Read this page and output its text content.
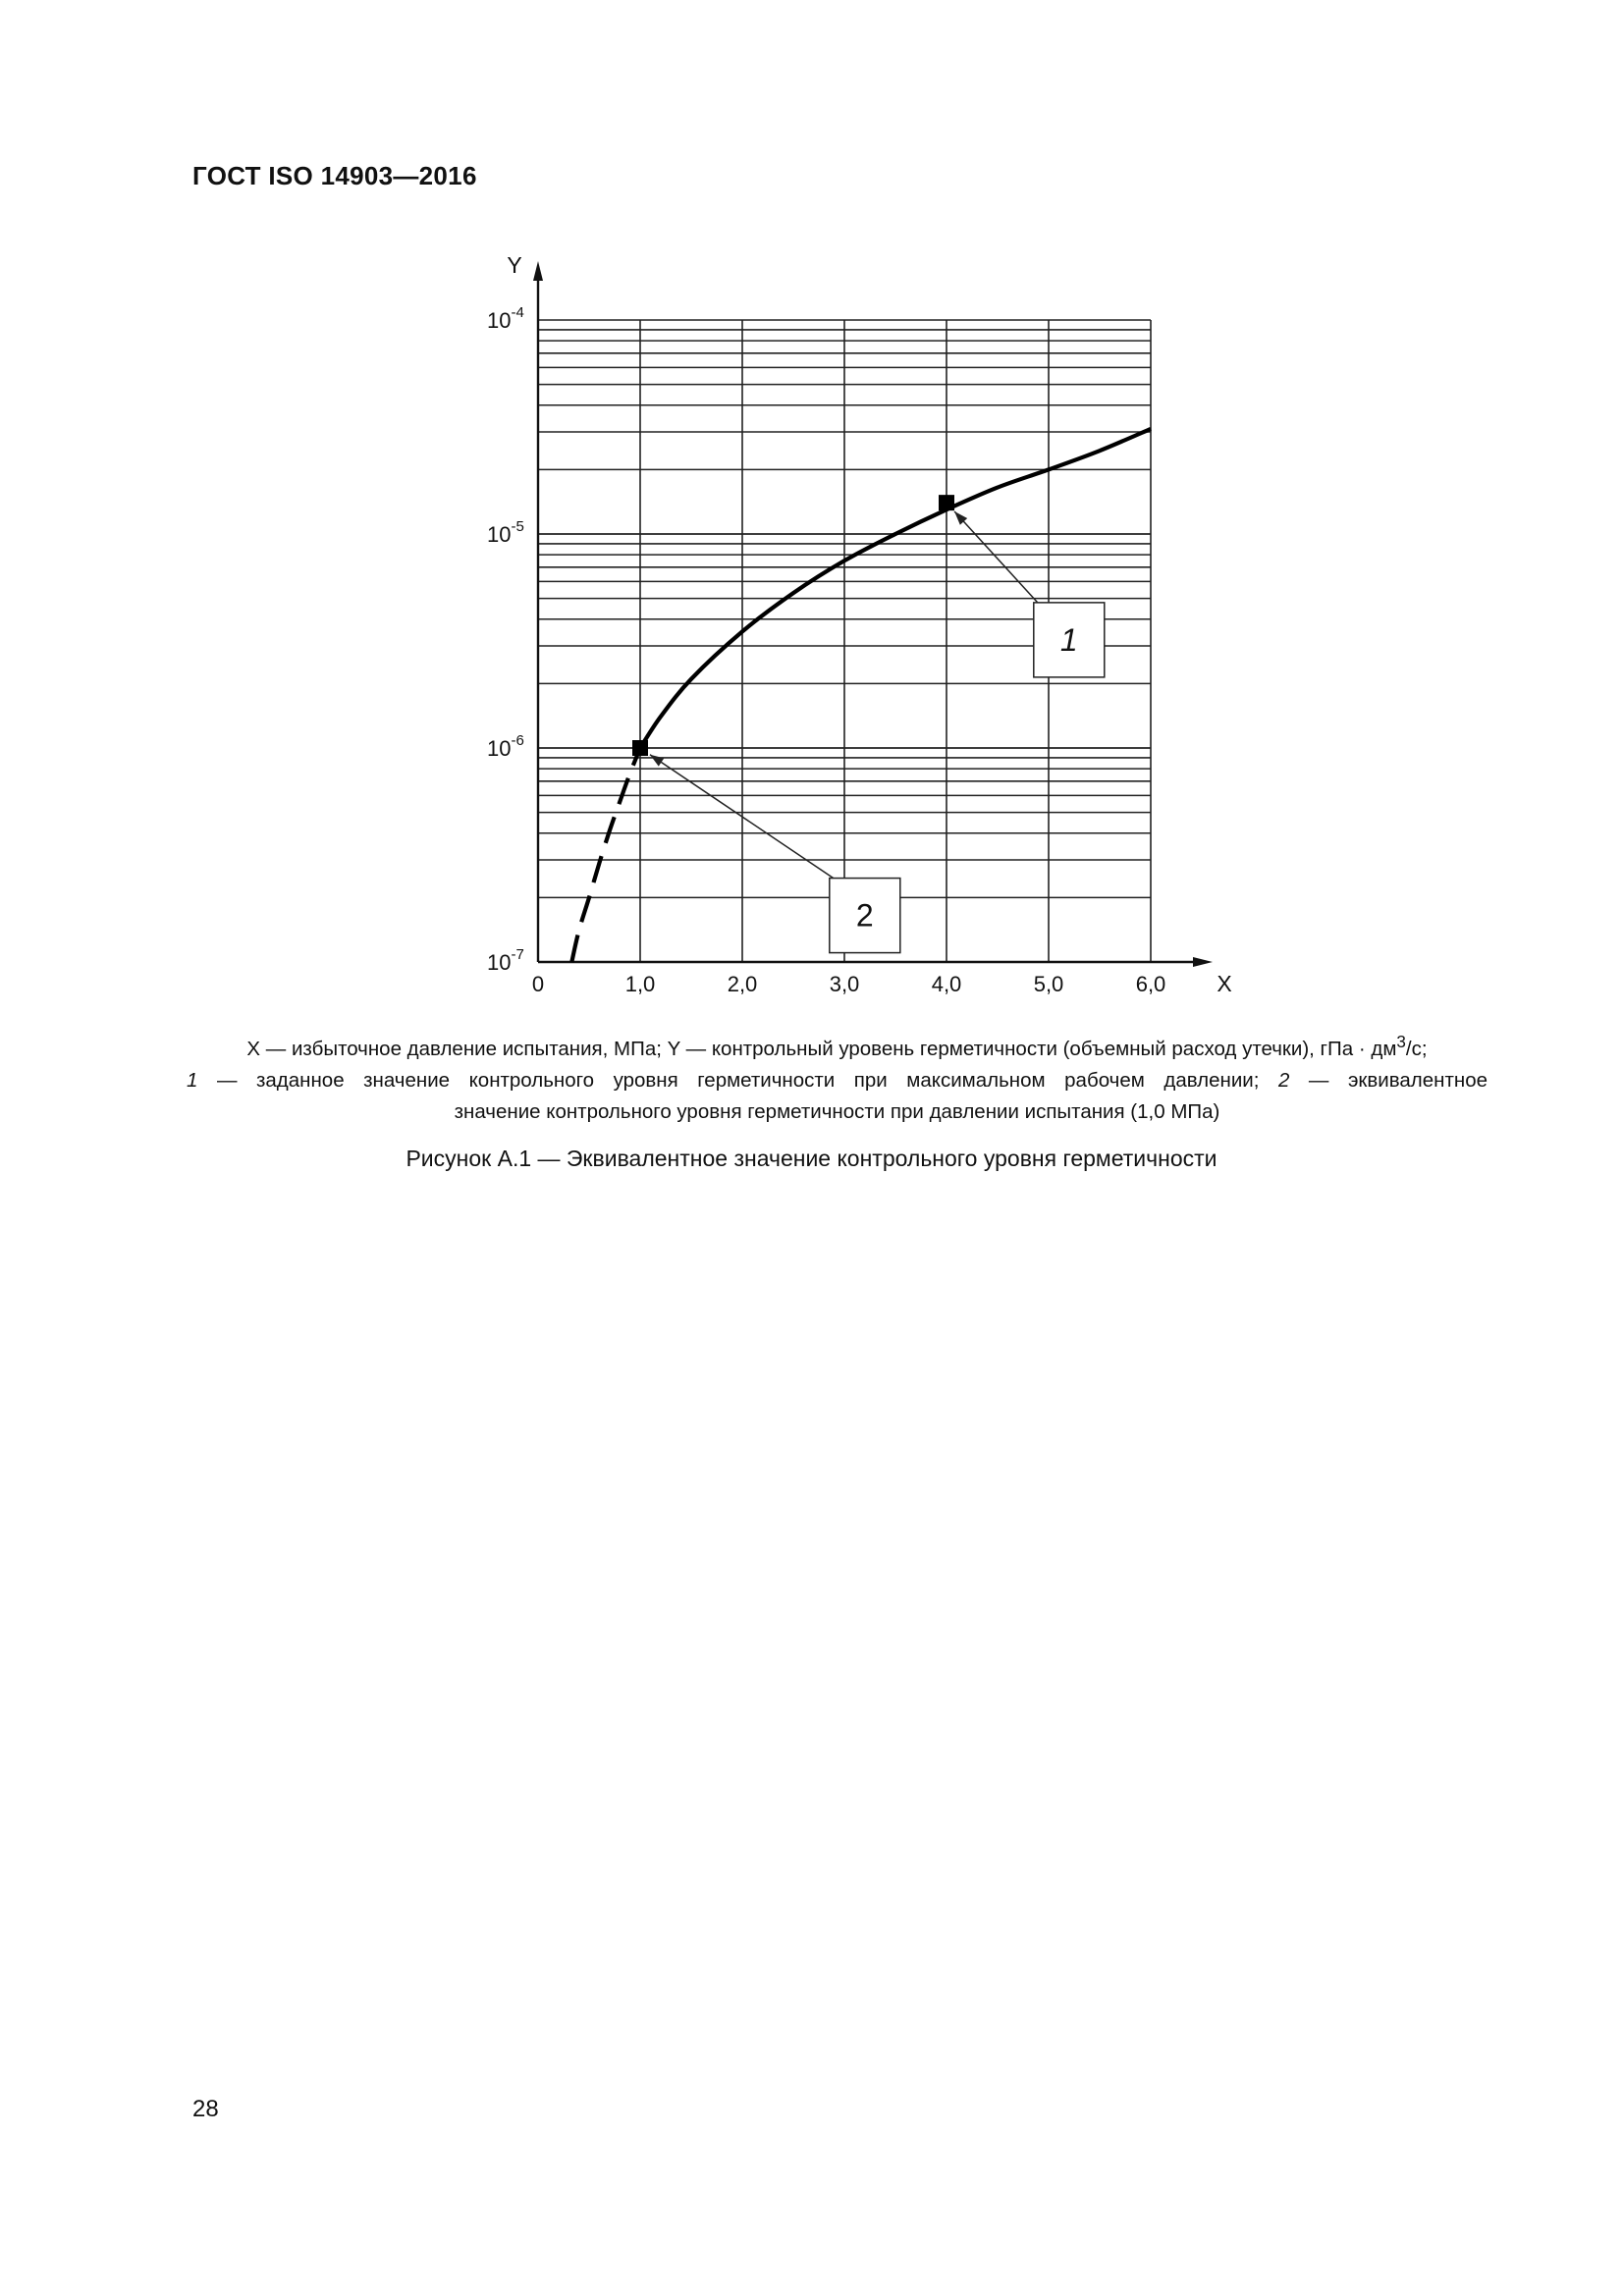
ГОСТ ISO 14903—2016
1
2
Y
X
0	1,0	2,0	3,0	4,0	5,0	6,0
$10^{-7}$
$10^{-6}$
$10^{-5}$
$10^{-4}$
X — избыточное давление испытания, МПа; Y — контрольный уровень герметичности (объемный расход утечки), гПа · $дм^3/с$;
1 — заданное значение контрольного уровня герметичности при максимальном рабочем давлении; 2 — эквивалентное
значение контрольного уровня герметичности при давлении испытания (1,0 МПа)
Рисунок А.1 — Эквивалентное значение контрольного уровня герметичности
28
